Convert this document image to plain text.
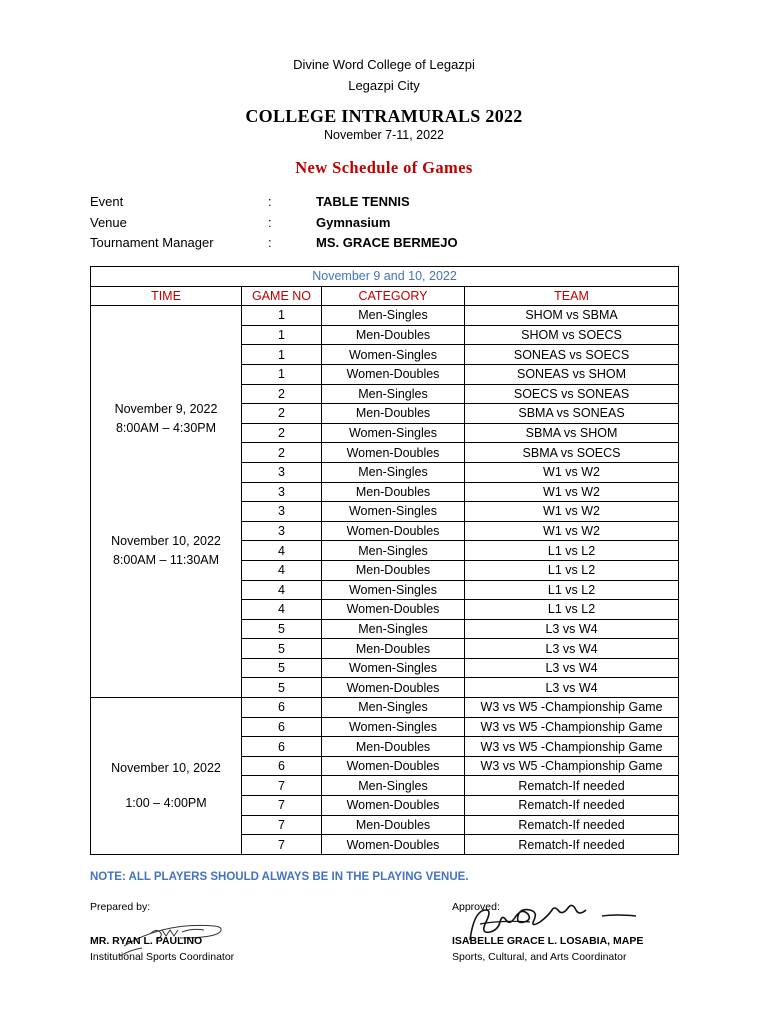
Divine Word College of Legazpi
Legazpi City
COLLEGE INTRAMURALS 2022
November 7-11, 2022
New Schedule of Games
Event	:	TABLE TENNIS
Venue	:	Gymnasium
Tournament Manager	:	MS. GRACE BERMEJO
November 9 and 10, 2022			
TIME	GAME NO	CATEGORY	TEAM

November 9, 2022
8:00AM – 4:30PM
November 10, 2022
8:00AM – 11:30AM	1	Men-Singles	SHOM vs SBMA
	1	Men-Doubles	SHOM vs SOECS
	1	Women-Singles	SONEAS vs SOECS
	1	Women-Doubles	SONEAS vs SHOM
	2	Men-Singles	SOECS vs SONEAS
	2	Men-Doubles	SBMA vs SONEAS
	2	Women-Singles	SBMA vs SHOM
	2	Women-Doubles	SBMA vs SOECS
	3	Men-Singles	W1 vs W2
	3	Men-Doubles	W1 vs W2
	3	Women-Singles	W1 vs W2
	3	Women-Doubles	W1 vs W2
	4	Men-Singles	L1 vs L2
	4	Men-Doubles	L1 vs L2
	4	Women-Singles	L1 vs L2
	4	Women-Doubles	L1 vs L2
	5	Men-Singles	L3 vs W4
	5	Men-Doubles	L3 vs W4
	5	Women-Singles	L3 vs W4
	5	Women-Doubles	L3 vs W4

November 10, 2022
1:00 – 4:00PM	6	Men-Singles	W3 vs W5 -Championship Game
	6	Women-Singles	W3 vs W5 -Championship Game
	6	Men-Doubles	W3 vs W5 -Championship Game
	6	Women-Doubles	W3 vs W5 -Championship Game
	7	Men-Singles	Rematch-If needed
	7	Women-Doubles	Rematch-If needed
	7	Men-Doubles	Rematch-If needed
	7	Women-Doubles	Rematch-If needed
NOTE: ALL PLAYERS SHOULD ALWAYS BE IN THE PLAYING VENUE.
Prepared by:
MR. RYAN L. PAULINO
Institutional Sports Coordinator
Approved:
ISABELLE GRACE L. LOSABIA, MAPE
Sports, Cultural, and Arts Coordinator
